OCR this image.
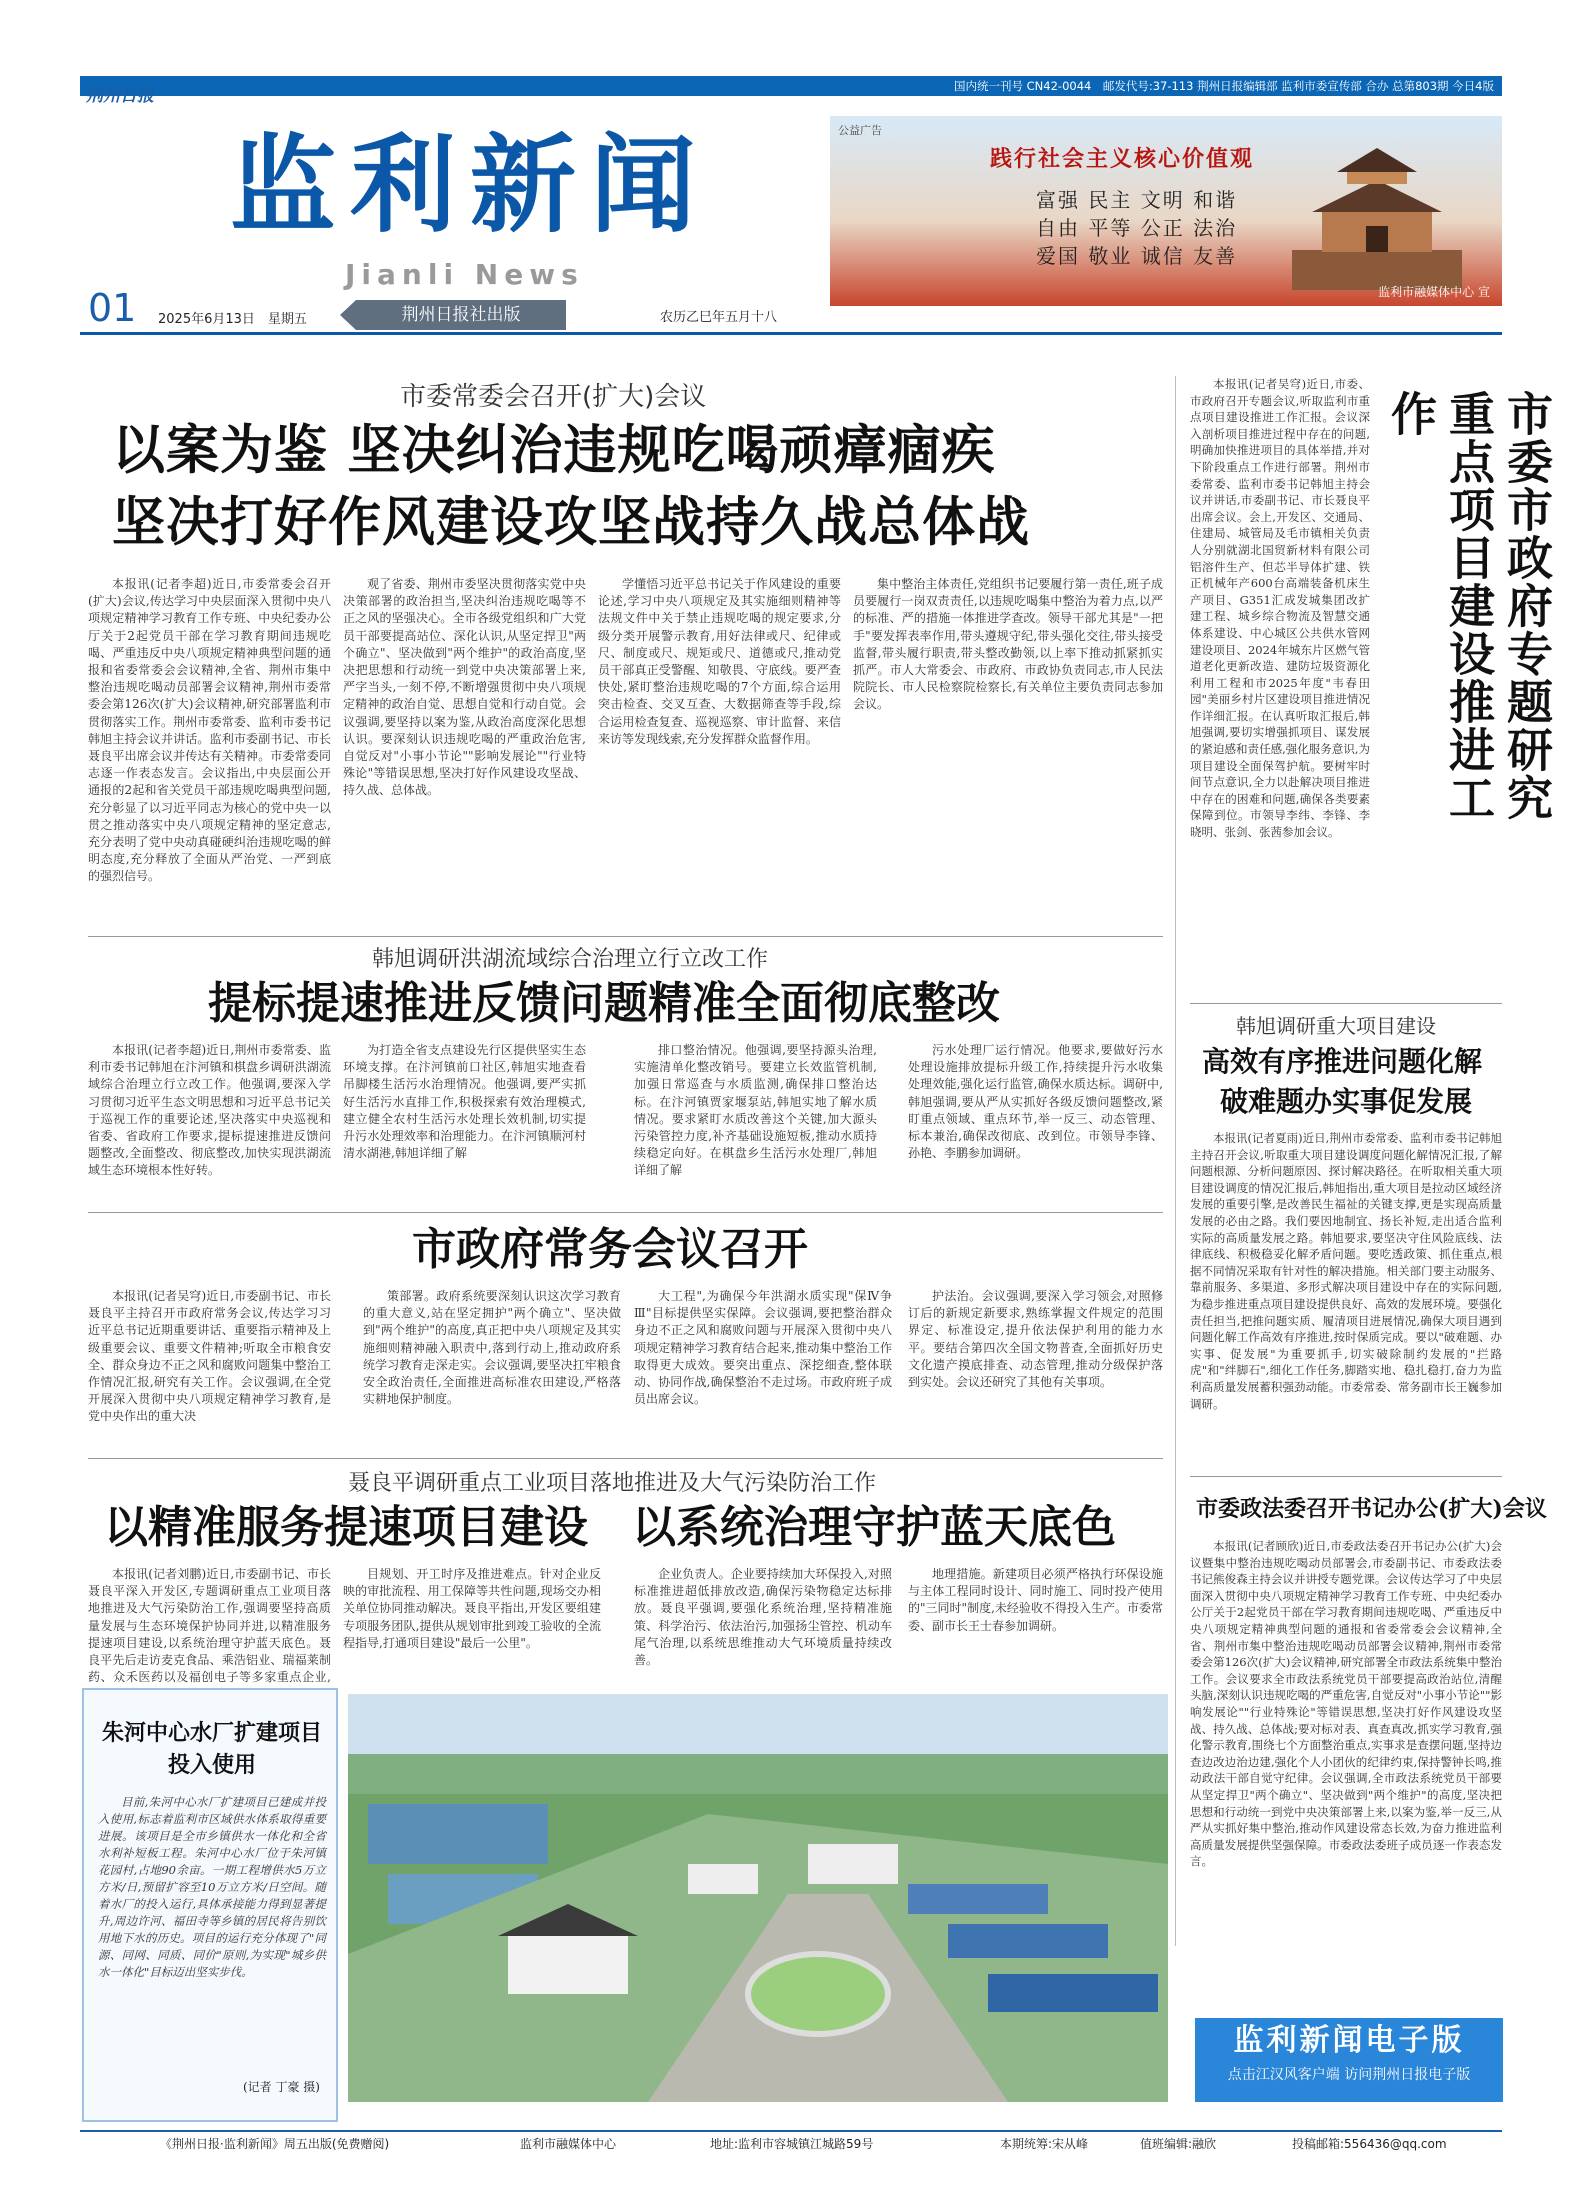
国内统一刊号 CN42-0044　邮发代号:37-113 荆州日报编辑部 监利市委宣传部 合办 总第803期 今日4版
荆州日报
监利新闻
Jianli News
01 2025年6月13日　星期五	荆州日报社出版	农历乙巳年五月十八
公益广告
践行社会主义核心价值观
富强 民主 文明 和谐
自由 平等 公正 法治
爱国 敬业 诚信 友善
监利市融媒体中心 宣
市委常委会召开(扩大)会议
以案为鉴 坚决纠治违规吃喝顽瘴痼疾
坚决打好作风建设攻坚战持久战总体战

本报讯(记者李超)近日,市委常委会召开(扩大)会议,传达学习中央层面深入贯彻中央八项规定精神学习教育工作专班、中央纪委办公厅关于2起党员干部在学习教育期间违规吃喝、严重违反中央八项规定精神典型问题的通报和省委常委会会议精神,全省、荆州市集中整治违规吃喝动员部署会议精神,荆州市委常委会第126次(扩大)会议精神,研究部署监利市贯彻落实工作。荆州市委常委、监利市委书记韩旭主持会议并讲话。监利市委副书记、市长聂良平出席会议并传达有关精神。市委常委同志逐一作表态发言。会议指出,中央层面公开通报的2起和省关党员干部违规吃喝典型问题,充分彰显了以习近平同志为核心的党中央一以贯之推动落实中央八项规定精神的坚定意志,充分表明了党中央动真碰硬纠治违规吃喝的鲜明态度,充分释放了全面从严治党、一严到底的强烈信号。

观了省委、荆州市委坚决贯彻落实党中央决策部署的政治担当,坚决纠治违规吃喝等不正之风的坚强决心。全市各级党组织和广大党员干部要提高站位、深化认识,从坚定捍卫"两个确立"、坚决做到"两个维护"的政治高度,坚决把思想和行动统一到党中央决策部署上来,严字当头,一刻不停,不断增强贯彻中央八项规定精神的政治自觉、思想自觉和行动自觉。会议强调,要坚持以案为鉴,从政治高度深化思想认识。要深刻认识违规吃喝的严重政治危害,自觉反对"小事小节论""影响发展论""行业特殊论"等错误思想,坚决打好作风建设攻坚战、持久战、总体战。

学懂悟习近平总书记关于作风建设的重要论述,学习中央八项规定及其实施细则精神等法规文件中关于禁止违规吃喝的规定要求,分级分类开展警示教育,用好法律或尺、纪律或尺、制度或尺、规矩或尺、道德或尺,推动党员干部真正受警醒、知敬畏、守底线。要严查快处,紧盯整治违规吃喝的7个方面,综合运用突击检查、交叉互查、大数据筛查等手段,综合运用检查复查、巡视巡察、审计监督、来信来访等发现线索,充分发挥群众监督作用。

集中整治主体责任,党组织书记要履行第一责任,班子成员要履行一岗双责责任,以违规吃喝集中整治为着力点,以严的标准、严的措施一体推进学查改。领导干部尤其是"一把手"要发挥表率作用,带头遵规守纪,带头强化交往,带头接受监督,带头履行职责,带头整改勤领,以上率下推动抓紧抓实抓严。市人大常委会、市政府、市政协负责同志,市人民法院院长、市人民检察院检察长,有关单位主要负责同志参加会议。	市委市政府专题研究重点项目建设推进工作

本报讯(记者吴穹)近日,市委、市政府召开专题会议,听取监利市重点项目建设推进工作汇报。会议深入剖析项目推进过程中存在的问题,明确加快推进项目的具体举措,并对下阶段重点工作进行部署。荆州市委常委、监利市委书记韩旭主持会议并讲话,市委副书记、市长聂良平出席会议。会上,开发区、交通局、住建局、城管局及毛市镇相关负责人分别就湖北国贸新材料有限公司铝溶件生产、但芯半导体扩建、铁正机械年产600台高端装备机床生产项目、G351汇成发城集团改扩建工程、城乡综合物流及智慧交通体系建设、中心城区公共供水管网建设项目、2024年城东片区燃气管道老化更新改造、建防垃圾资源化利用工程和市2025年度"韦春田园"美丽乡村片区建设项目推进情况作详细汇报。在认真听取汇报后,韩旭强调,要切实增强抓项目、谋发展的紧迫感和责任感,强化服务意识,为项目建设全面保驾护航。要树牢时间节点意识,全力以赴解决项目推进中存在的困难和问题,确保各类要素保障到位。市领导李纬、李锋、李晓明、张剑、张茜参加会议。

韩旭调研洪湖流域综合治理立行立改工作
提标提速推进反馈问题精准全面彻底整改

本报讯(记者李超)近日,荆州市委常委、监利市委书记韩旭在汴河镇和棋盘乡调研洪湖流域综合治理立行立改工作。他强调,要深入学习贯彻习近平生态文明思想和习近平总书记关于巡视工作的重要论述,坚决落实中央巡视和省委、省政府工作要求,提标提速推进反馈问题整改,全面整改、彻底整改,加快实现洪湖流域生态环境根本性好转。

为打造全省支点建设先行区提供坚实生态环境支撑。在汴河镇前口社区,韩旭实地查看吊脚楼生活污水治理情况。他强调,要严实抓好生活污水直排工作,积极探索有效治理模式,建立健全农村生活污水处理长效机制,切实提升污水处理效率和治理能力。在汴河镇顺河村清水湖港,韩旭详细了解

排口整治情况。他强调,要坚持源头治理,实施清单化整改销号。要建立长效监管机制,加强日常巡查与水质监测,确保排口整治达标。在汴河镇贾家堰泵站,韩旭实地了解水质情况。要求紧盯水质改善这个关键,加大源头污染管控力度,补齐基础设施短板,推动水质持续稳定向好。在棋盘乡生活污水处理厂,韩旭详细了解

污水处理厂运行情况。他要求,要做好污水处理设施排放提标升级工作,持续提升污水收集处理效能,强化运行监管,确保水质达标。调研中,韩旭强调,要从严从实抓好各级反馈问题整改,紧盯重点领域、重点环节,举一反三、动态管理、标本兼治,确保改彻底、改到位。市领导李锋、孙艳、李鹏参加调研。

韩旭调研重大项目建设
高效有序推进问题化解
破难题办实事促发展

本报讯(记者夏雨)近日,荆州市委常委、监利市委书记韩旭主持召开会议,听取重大项目建设调度问题化解情况汇报,了解问题根源、分析问题原因、探讨解决路径。在听取相关重大项目建设调度的情况汇报后,韩旭指出,重大项目是拉动区域经济发展的重要引擎,是改善民生福祉的关键支撑,更是实现高质量发展的必由之路。我们要因地制宜、扬长补短,走出适合监利实际的高质量发展之路。韩旭要求,要坚决守住风险底线、法律底线、积极稳妥化解矛盾问题。要吃透政策、抓住重点,根据不同情况采取有针对性的解决措施。相关部门要主动服务、靠前服务、多渠道、多形式解决项目建设中存在的实际问题,为稳步推进重点项目建设提供良好、高效的发展环境。要强化责任担当,把推问题实质、履清项目进展情况,确保大项目遇到问题化解工作高效有序推进,按时保质完成。要以"破难题、办实事、促发展"为重要抓手,切实破除制约发展的"拦路虎"和"绊脚石",细化工作任务,脚踏实地、稳扎稳打,奋力为监利高质量发展蓄积强劲动能。市委常委、常务副市长王巍参加调研。

市政府常务会议召开

本报讯(记者吴穹)近日,市委副书记、市长聂良平主持召开市政府常务会议,传达学习习近平总书记近期重要讲话、重要指示精神及上级重要会议、重要文件精神;听取全市粮食安全、群众身边不正之风和腐败问题集中整治工作情况汇报,研究有关工作。会议强调,在全党开展深入贯彻中央八项规定精神学习教育,是党中央作出的重大决

策部署。政府系统要深刻认识这次学习教育的重大意义,站在坚定拥护"两个确立"、坚决做到"两个维护"的高度,真正把中央八项规定及其实施细则精神融入职责中,落到行动上,推动政府系统学习教育走深走实。会议强调,要坚决扛牢粮食安全政治责任,全面推进高标准农田建设,严格落实耕地保护制度。

大工程",为确保今年洪湖水质实现"保Ⅳ争Ⅲ"目标提供坚实保障。会议强调,要把整治群众身边不正之风和腐败问题与开展深入贯彻中央八项规定精神学习教育结合起来,推动集中整治工作取得更大成效。要突出重点、深挖细查,整体联动、协同作战,确保整治不走过场。市政府班子成员出席会议。

护法治。会议强调,要深入学习领会,对照修订后的新规定新要求,熟练掌握文件规定的范围界定、标准设定,提升依法保护利用的能力水平。要结合第四次全国文物普查,全面抓好历史文化遗产摸底排查、动态管理,推动分级保护落到实处。会议还研究了其他有关事项。

聂良平调研重点工业项目落地推进及大气污染防治工作
以精准服务提速项目建设 以系统治理守护蓝天底色

本报讯(记者刘鹏)近日,市委副书记、市长聂良平深入开发区,专题调研重点工业项目落地推进及大气污染防治工作,强调要坚持高质量发展与生态环境保护协同并进,以精准服务提速项目建设,以系统治理守护蓝天底色。聂良平先后走访麦克食品、乘浩铝业、瑞福莱制药、众禾医药以及福创电子等多家重点企业,

目规划、开工时序及推进难点。针对企业反映的审批流程、用工保障等共性问题,现场交办相关单位协同推动解决。聂良平指出,开发区要组建专项服务团队,提供从规划审批到竣工验收的全流程指导,打通项目建设"最后一公里"。

企业负责人。企业要持续加大环保投入,对照标准推进超低排放改造,确保污染物稳定达标排放。聂良平强调,要强化系统治理,坚持精准施策、科学治污、依法治污,加强扬尘管控、机动车尾气治理,以系统思维推动大气环境质量持续改善。

地理措施。新建项目必须严格执行环保设施与主体工程同时设计、同时施工、同时投产使用的"三同时"制度,未经验收不得投入生产。市委常委、副市长王士春参加调研。

朱河中心水厂扩建项目
投入使用

目前,朱河中心水厂扩建项目已建成并投入使用,标志着监利市区域供水体系取得重要进展。该项目是全市乡镇供水一体化和全省水利补短板工程。朱河中心水厂位于朱河镇花园村,占地90余亩。一期工程增供水5万立方米/日,预留扩容至10万立方米/日空间。随着水厂的投入运行,具体承接能力得到显著提升,周边许河、福田寺等乡镇的居民将告别饮用地下水的历史。项目的运行充分体现了"同源、同网、同质、同价"原则,为实现"城乡供水一体化"目标迈出坚实步伐。

(记者 丁豪 摄)
市委政法委召开书记办公(扩大)会议

本报讯(记者顾欣)近日,市委政法委召开书记办公(扩大)会议暨集中整治违规吃喝动员部署会,市委副书记、市委政法委书记熊俊森主持会议并讲授专题党课。会议传达学习了中央层面深入贯彻中央八项规定精神学习教育工作专班、中央纪委办公厅关于2起党员干部在学习教育期间违规吃喝、严重违反中央八项规定精神典型问题的通报和省委常委会会议精神,全省、荆州市集中整治违规吃喝动员部署会议精神,荆州市委常委会第126次(扩大)会议精神,研究部署全市政法系统集中整治工作。会议要求全市政法系统党员干部要提高政治站位,清醒头脑,深刻认识违规吃喝的严重危害,自觉反对"小事小节论""影响发展论""行业特殊论"等错误思想,坚决打好作风建设攻坚战、持久战、总体战;要对标对表、真查真改,抓实学习教育,强化警示教育,围绕七个方面整治重点,实事求是查摆问题,坚持边查边改边治边建,强化个人小团伙的纪律约束,保持警钟长鸣,推动政法干部自觉守纪律。会议强调,全市政法系统党员干部要从坚定捍卫"两个确立"、坚决做到"两个维护"的高度,坚决把思想和行动统一到党中央决策部署上来,以案为鉴,举一反三,从严从实抓好集中整治,推动作风建设常态长效,为奋力推进监利高质量发展提供坚强保障。市委政法委班子成员逐一作表态发言。

监利新闻电子版
点击江汉风客户端 访问荆州日报电子版
《荆州日报·监利新闻》周五出版(免费赠阅)	监利市融媒体中心	地址:监利市容城镇江城路59号	本期统筹:宋从峰	值班编辑:融欣	投稿邮箱:556436@qq.com
